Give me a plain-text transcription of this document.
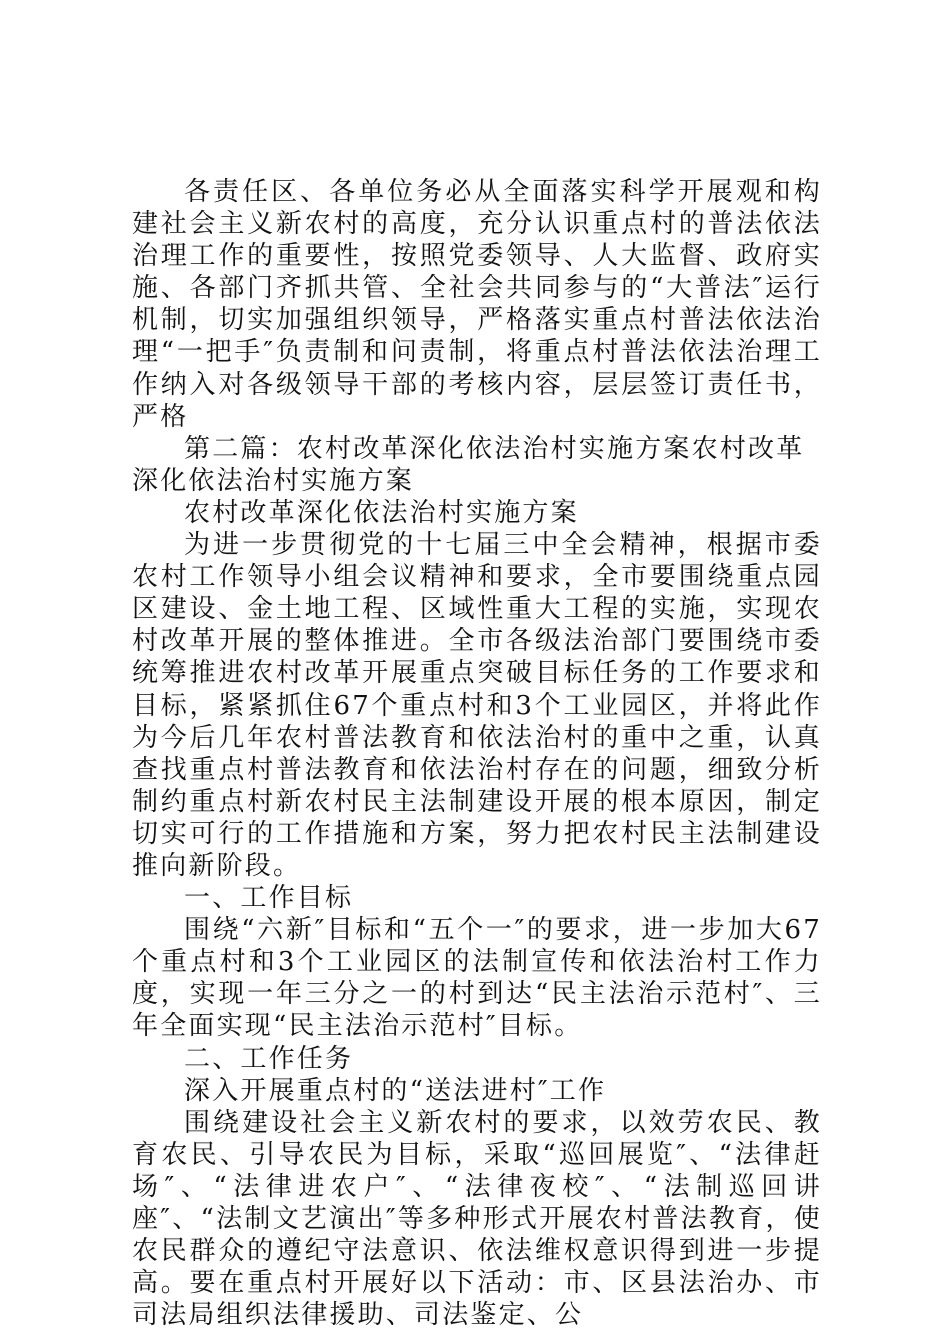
各责任区、各单位务必从全面落实科学开展观和构建社会主义新农村的高度，充分认识重点村的普法依法治理工作的重要性，按照党委领导、人大监督、政府实施、各部门齐抓共管、全社会共同参与的“大普法″运行机制，切实加强组织领导，严格落实重点村普法依法治理“一把手″负责制和问责制，将重点村普法依法治理工作纳入对各级领导干部的考核内容，层层签订责任书，严格

第二篇：农村改革深化依法治村实施方案农村改革深化依法治村实施方案

农村改革深化依法治村实施方案

为进一步贯彻党的十七届三中全会精神，根据市委农村工作领导小组会议精神和要求，全市要围绕重点园区建设、金土地工程、区域性重大工程的实施，实现农村改革开展的整体推进。全市各级法治部门要围绕市委统筹推进农村改革开展重点突破目标任务的工作要求和目标，紧紧抓住67个重点村和3个工业园区，并将此作为今后几年农村普法教育和依法治村的重中之重，认真查找重点村普法教育和依法治村存在的问题，细致分析制约重点村新农村民主法制建设开展的根本原因，制定切实可行的工作措施和方案，努力把农村民主法制建设推向新阶段。

一、工作目标

围绕“六新″目标和“五个一″的要求，进一步加大67个重点村和3个工业园区的法制宣传和依法治村工作力度，实现一年三分之一的村到达“民主法治示范村″、三年全面实现“民主法治示范村″目标。

二、工作任务

深入开展重点村的“送法进村″工作

围绕建设社会主义新农村的要求，以效劳农民、教育农民、引导农民为目标，采取“巡回展览″、“法律赶场″、“法律进农户″、“法律夜校″、“法制巡回讲座″、“法制文艺演出″等多种形式开展农村普法教育，使农民群众的遵纪守法意识、依法维权意识得到进一步提高。要在重点村开展好以下活动：市、区县法治办、市司法局组织法律援助、司法鉴定、公
